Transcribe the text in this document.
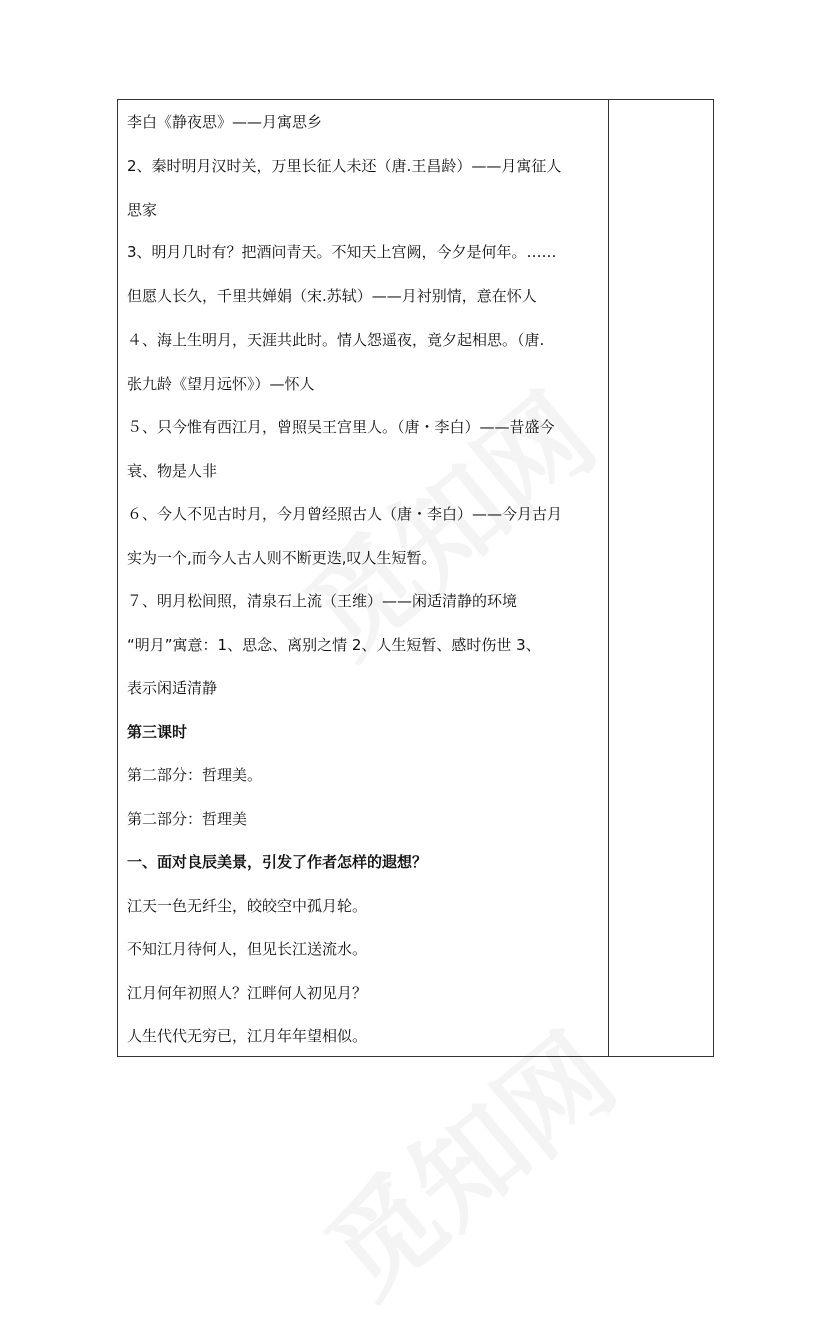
李白《静夜思》——月寓思乡
2、秦时明月汉时关，万里长征人未还（唐.王昌龄）——月寓征人
思家
3、明月几时有？把酒问青天。不知天上宫阙，今夕是何年。……
但愿人长久，千里共婵娟（宋.苏轼）——月衬别情，意在怀人
４、海上生明月，天涯共此时。情人怨遥夜，竟夕起相思。（唐.
张九龄《望月远怀》）—怀人
５、只今惟有西江月，曾照吴王宫里人。（唐・李白）——昔盛今
衰、物是人非
６、今人不见古时月，今月曾经照古人（唐・李白）——今月古月
实为一个,而今人古人则不断更迭,叹人生短暂。
７、明月松间照，清泉石上流（王维）——闲适清静的环境
“明月”寓意：1、思念、离别之情 2、人生短暂、感时伤世 3、
表示闲适清静
第三课时
第二部分：哲理美。
第二部分：哲理美
一、面对良辰美景，引发了作者怎样的遐想？
江天一色无纤尘，皎皎空中孤月轮。
不知江月待何人，但见长江送流水。
江月何年初照人？江畔何人初见月？
人生代代无穷已，江月年年望相似。
